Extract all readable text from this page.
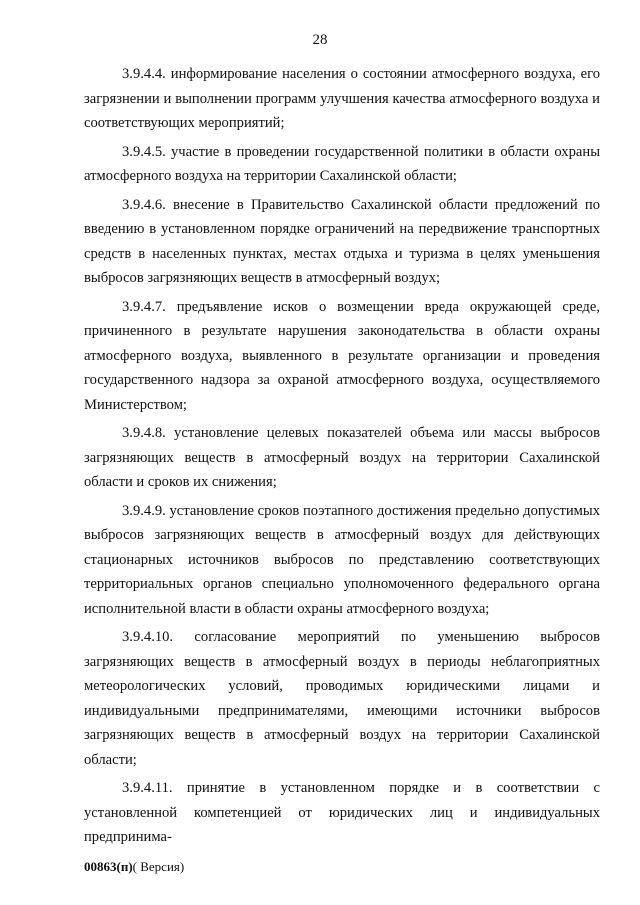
28

3.9.4.4. информирование населения о состоянии атмосферного воздуха, его загрязнении и выполнении программ улучшения качества атмосферного воздуха и соответствующих мероприятий;

3.9.4.5. участие в проведении государственной политики в области охраны атмосферного воздуха на территории Сахалинской области;

3.9.4.6. внесение в Правительство Сахалинской области предложений по введению в установленном порядке ограничений на передвижение транспортных средств в населенных пунктах, местах отдыха и туризма в целях уменьшения выбросов загрязняющих веществ в атмосферный воздух;

3.9.4.7. предъявление исков о возмещении вреда окружающей среде, причиненного в результате нарушения законодательства в области охраны атмосферного воздуха, выявленного в результате организации и проведения государственного надзора за охраной атмосферного воздуха, осуществляемого Министерством;

3.9.4.8. установление целевых показателей объема или массы выбросов загрязняющих веществ в атмосферный воздух на территории Сахалинской области и сроков их снижения;

3.9.4.9. установление сроков поэтапного достижения предельно допустимых выбросов загрязняющих веществ в атмосферный воздух для действующих стационарных источников выбросов по представлению соответствующих территориальных органов специально уполномоченного федерального органа исполнительной власти в области охраны атмосферного воздуха;

3.9.4.10. согласование мероприятий по уменьшению выбросов загрязняющих веществ в атмосферный воздух в периоды неблагоприятных метеорологических условий, проводимых юридическими лицами и индивидуальными предпринимателями, имеющими источники выбросов загрязняющих веществ в атмосферный воздух на территории Сахалинской области;

3.9.4.11. принятие в установленном порядке и в соответствии с установленной компетенцией от юридических лиц и индивидуальных предпринима-

00863(п)( Версия)
